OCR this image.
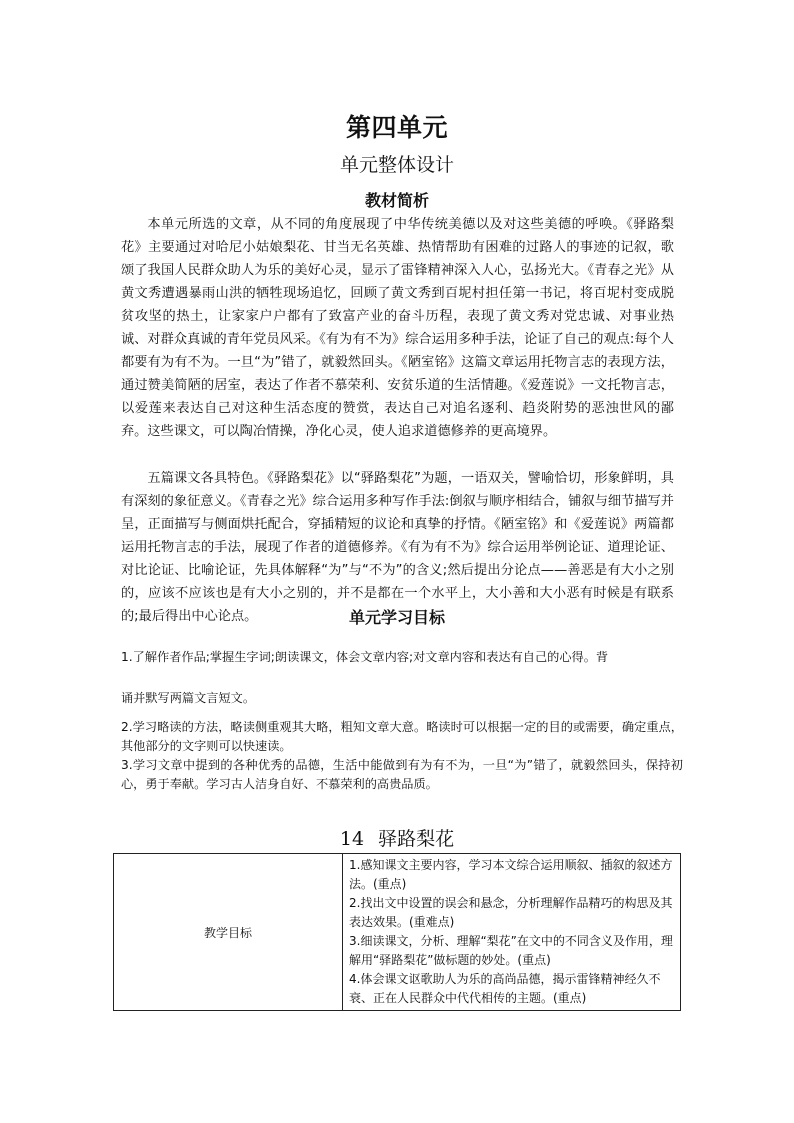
第四单元
单元整体设计
教材简析

本单元所选的文章，从不同的角度展现了中华传统美德以及对这些美德的呼唤。《驿路梨花》主要通过对哈尼小姑娘梨花、甘当无名英雄、热情帮助有困难的过路人的事迹的记叙，歌颂了我国人民群众助人为乐的美好心灵，显示了雷锋精神深入人心，弘扬光大。《青春之光》从黄文秀遭遇暴雨山洪的牺牲现场追忆，回顾了黄文秀到百坭村担任第一书记，将百坭村变成脱贫攻坚的热土，让家家户户都有了致富产业的奋斗历程，表现了黄文秀对党忠诚、对事业热诚、对群众真诚的青年党员风采。《有为有不为》综合运用多种手法，论证了自己的观点:每个人都要有为有不为。一旦“为”错了，就毅然回头。《陋室铭》这篇文章运用托物言志的表现方法，通过赞美简陋的居室，表达了作者不慕荣利、安贫乐道的生活情趣。《爱莲说》一文托物言志，以爱莲来表达自己对这种生活态度的赞赏，表达自己对追名逐利、趋炎附势的恶浊世风的鄙弃。这些课文，可以陶冶情操，净化心灵，使人追求道德修养的更高境界。

五篇课文各具特色。《驿路梨花》以“驿路梨花”为题，一语双关，譬喻恰切，形象鲜明，具有深刻的象征意义。《青春之光》综合运用多种写作手法:倒叙与顺序相结合，铺叙与细节描写并呈，正面描写与侧面烘托配合，穿插精短的议论和真挚的抒情。《陋室铭》和《爱莲说》两篇都运用托物言志的手法，展现了作者的道德修养。《有为有不为》综合运用举例论证、道理论证、对比论证、比喻论证，先具体解释“为”与“不为”的含义;然后提出分论点——善恶是有大小之别的，应该不应该也是有大小之别的，并不是都在一个水平上，大小善和大小恶有时候是有联系的;最后得出中心论点。	单元学习目标

1.了解作者作品;掌握生字词;朗读课文，体会文章内容;对文章内容和表达有自己的心得。背

诵并默写两篇文言短文。

2.学习略读的方法，略读侧重观其大略，粗知文章大意。略读时可以根据一定的目的或需要，确定重点，其他部分的文字则可以快速读。

3.学习文章中提到的各种优秀的品德，生活中能做到有为有不为，一旦“为”错了，就毅然回头，保持初心，勇于奉献。学习古人洁身自好、不慕荣利的高贵品质。

14 驿路梨花
教学目标	
1.感知课文主要内容，学习本文综合运用顺叙、插叙的叙述方法。(重点)
2.找出文中设置的误会和悬念，分析理解作品精巧的构思及其表达效果。(重难点)
3.细读课文，分析、理解“梨花”在文中的不同含义及作用，理解用“驿路梨花”做标题的妙处。(重点)
4.体会课文讴歌助人为乐的高尚品德，揭示雷锋精神经久不衰、正在人民群众中代代相传的主题。(重点)
